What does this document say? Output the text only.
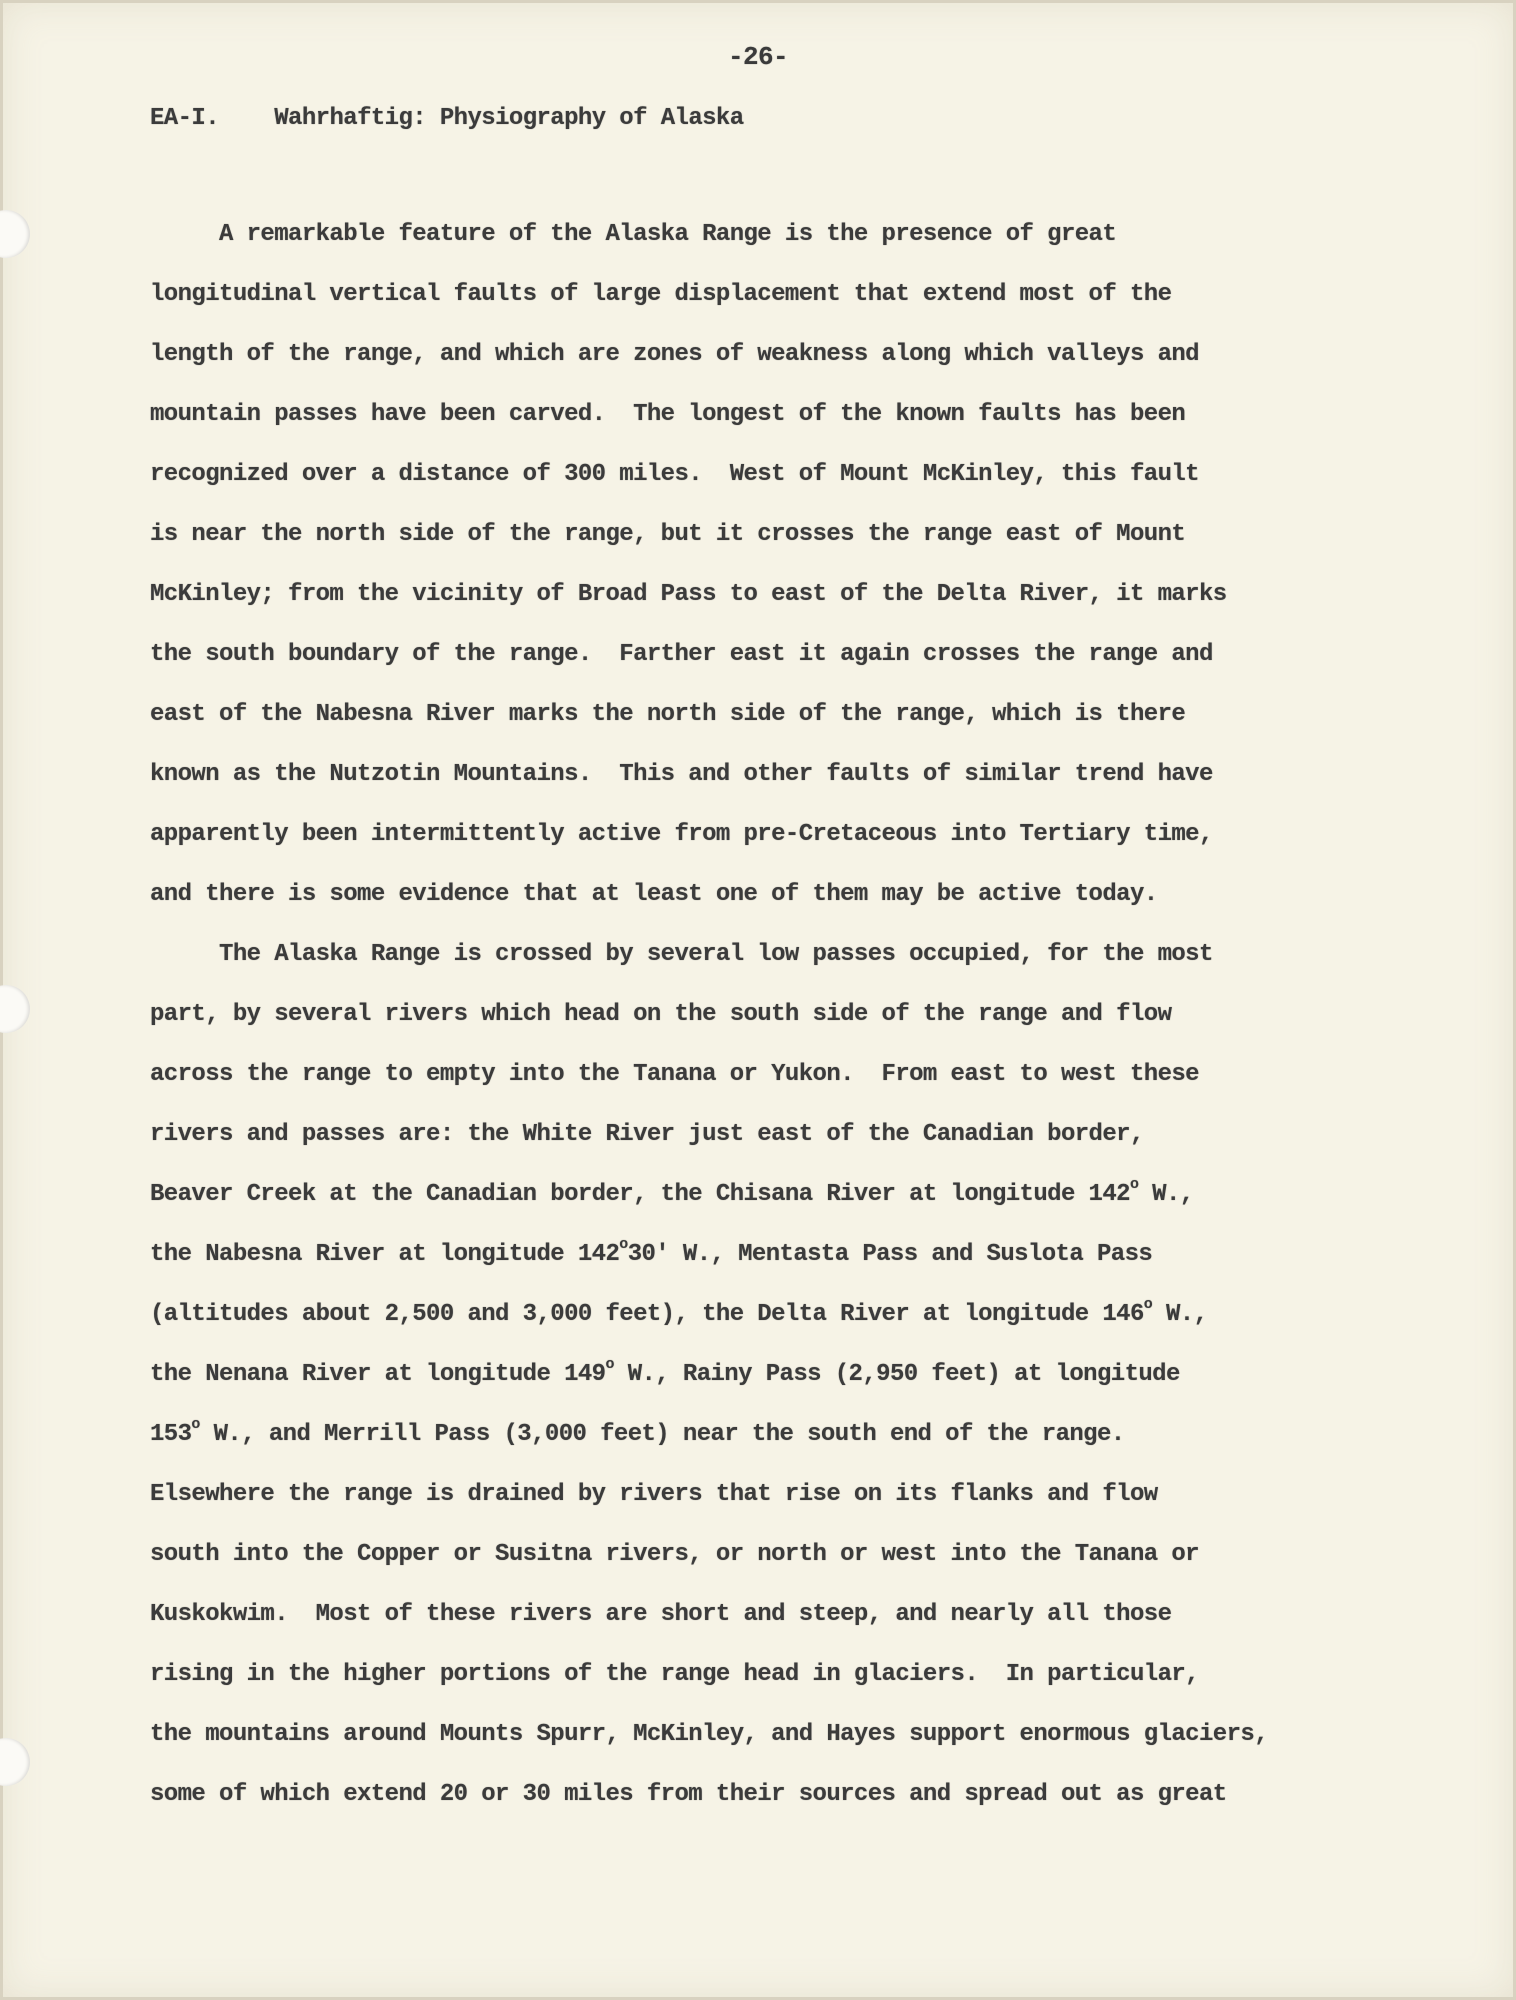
-26-
EA-I. Wahrhaftig: Physiography of Alaska
A remarkable feature of the Alaska Range is the presence of great
longitudinal vertical faults of large displacement that extend most of the
length of the range, and which are zones of weakness along which valleys and
mountain passes have been carved.  The longest of the known faults has been
recognized over a distance of 300 miles.  West of Mount McKinley, this fault
is near the north side of the range, but it crosses the range east of Mount
McKinley; from the vicinity of Broad Pass to east of the Delta River, it marks
the south boundary of the range.  Farther east it again crosses the range and
east of the Nabesna River marks the north side of the range, which is there
known as the Nutzotin Mountains.  This and other faults of similar trend have
apparently been intermittently active from pre-Cretaceous into Tertiary time,
and there is some evidence that at least one of them may be active today.
The Alaska Range is crossed by several low passes occupied, for the most
part, by several rivers which head on the south side of the range and flow
across the range to empty into the Tanana or Yukon.  From east to west these
rivers and passes are: the White River just east of the Canadian border,
Beaver Creek at the Canadian border, the Chisana River at longitude 142$^o$ W.,
the Nabesna River at longitude 142$^o$30' W., Mentasta Pass and Suslota Pass
(altitudes about 2,500 and 3,000 feet), the Delta River at longitude 146$^o$ W.,
the Nenana River at longitude 149$^o$ W., Rainy Pass (2,950 feet) at longitude
153$^o$ W., and Merrill Pass (3,000 feet) near the south end of the range.
Elsewhere the range is drained by rivers that rise on its flanks and flow
south into the Copper or Susitna rivers, or north or west into the Tanana or
Kuskokwim.  Most of these rivers are short and steep, and nearly all those
rising in the higher portions of the range head in glaciers.  In particular,
the mountains around Mounts Spurr, McKinley, and Hayes support enormous glaciers,
some of which extend 20 or 30 miles from their sources and spread out as great
